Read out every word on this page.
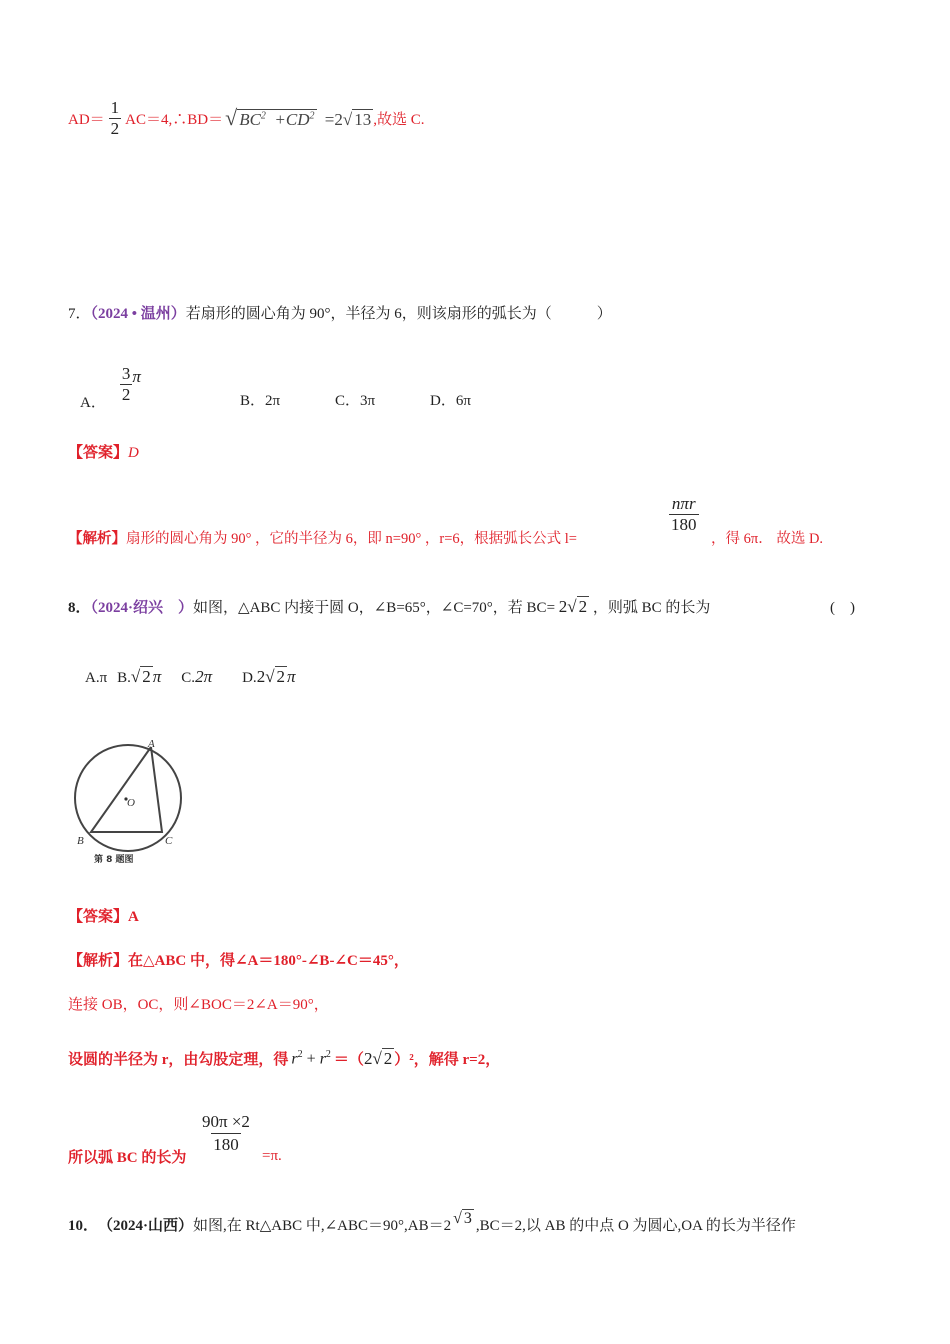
$AD= \frac{1}{2}$ AC＝4,∴BD＝ √ $BC^2 +CD^2 =2√$ 13 ,故选 C.
7．（2024 • 温州）若扇形的圆心角为 90°，半径为 6，则该扇形的弧长为（　　　）
A． $\frac{3}{2}$ π
B．2π	C．3π	D．6π
【答案】D
【解析】扇形的圆心角为 90° ，它的半径为 6，即 n=90° ，r=6，根据弧长公式 l=
$\frac{\text{nπr}}{180}$
，得 6π． 故选 D.
8．（2024·绍兴　）如图，△ABC 内接于圆 O，∠B=65°，∠C=70°，若 BC= 2√ 2 ，则弧 BC 的长为	(　)
A.π B.√ 2 π C.2π D.2√ 2 π
A
B	C
O
第 8 题图
【答案】A
【解析】在△ABC 中，得∠A＝180°-∠B-∠C＝45°，
连接 OB，OC，则∠BOC＝2∠A＝90°，
设圆的半径为 r，由勾股定理，得 $r^2 + r^2$ ＝（ 2√ 2 ）²，解得 r=2，
所以弧 BC 的长为
$\frac{90\pi \times 2}{180}$
=π.
10． （2024·山西） 如图,在 Rt△ABC 中,∠ABC＝90°,AB＝2 √ 3 ,BC＝2,以 AB 的中点 O 为圆心,OA 的长为半径作
